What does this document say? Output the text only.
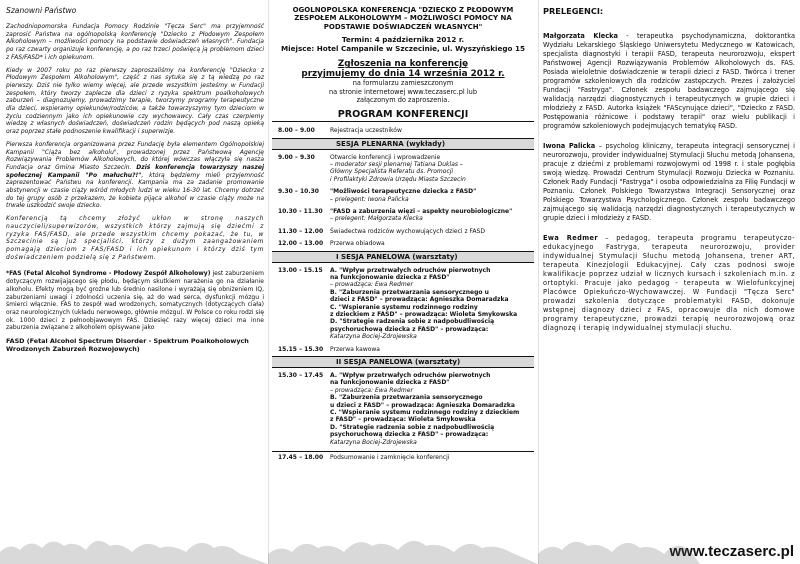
Szanowni Państwo

Zachodniopomorska Fundacja Pomocy Rodzinie "Tęcza Serc" ma przyjemność zaprosić Państwa na ogólnopolską konferencję "Dziecko z Płodowym Zespołem Alkoholowym – możliwości pomocy na podstawie doświadczeń własnych". Fundacja po raz czwarty organizuje konferencję, a po raz trzeci poświęcą ją problemom dzieci z FAS/FASD* i ich opiekunom.

Kiedy w 2007 roku po raz pierwszy zaproszaliśmy na konferencję "Dziecko z Płodowym Zespołem Alkoholowym", część z nas sytuka się z tą wiedzą po raz pierwszy. Dziś nie tylko wiemy więcej, ale przede wszystkim jesteśmy w Fundacji zespołem, który tworzy zaplecze dla dzieci z ryzyka spektrum poalkoholowych zaburzeń – diagnozujemy, prowadzimy terapie, tworzymy programy terapeutyczne dla dzieci, wspieramy opiekunów/rodziców, a także towarzyszymy tym dzieciom w życiu codziennym jako ich opiekunowie czy wychowawcy. Cały czas czerpiemy wiedzę z własnych doświadczeń, doświadczeń rodzin będących pod naszą opieką oraz poprzez stałe podnoszenie kwalifikacji i superwizje.

Pierwsza konferencja organizowana przez Fundację była elementem Ogólnopolskiej Kampanii "Ciąża bez alkoholu", prowadzonej przez Państwową Agencję Rozwiązywania Problemów Alkoholowych, do której wówczas włączyła się nasza Fundacja oraz Gmina Miasto Szczecin. Dziś konferencja towarzyszy naszej społecznej Kampanii "Po małuchu?!", którą będziemy mieli przyjemność zaprezentować Państwu na konferencji. Kampania ma za zadanie promowanie abstynencji w czasie ciąży wśród młodych ludzi w wieku 16-30 lat. Chcemy dotrzeć do tej grupy osób z przekazem, że kobieta pijąca alkohol w czasie ciąży może na trwałe uszkodzić swoje dziecko.

Konferencją tą chcemy złożyć ukłon w stronę naszych nauczycieli/superwizorów, wszystkich którzy zajmują się dziećmi z ryzyka FAS/FASD, ale przede wszystkim chcemy pokazać, że tu, w Szczecinie są już specjaliści, którzy z dużym zaangażowaniem pomagają dzieciom z FAS/FASD i ich opiekunom i którzy dziś tym doświadczeniem podzielą się z Państwem.

*FAS (Fetal Alcohol Syndrome - Płodowy Zespół Alkoholowy) jest zaburzeniem dotyczącym rozwijającego się płodu, będącym skutkiem narażenia go na działanie alkoholu. Efekty mogą być groźne lub średnio nasilone i wyrażają się obniżeniem IQ, zaburzeniami uwagi i zdolności uczenia się, aż do wad serca, dysfunkcji mózgu i śmierci włącznie. FAS to zespół wad wrodzonych, somatycznych (dotyczących ciała) oraz neurologicznych (układu nerwowego, głównie mózgu). W Polsce co roku rodzi się ok. 1000 dzieci z pełnoobjawowym FAS. Dziesięć razy więcej dzieci ma inne zaburzenia związane z alkoholem opisywane jako

FASD (Fetal Alcohol Spectrum Disorder - Spektrum Poalkoholowych Wrodzonych Zaburzeń Rozwojowych)
OGÓLNOPOLSKA KONFERENCJA "DZIECKO Z PŁODOWYM ZESPOŁEM ALKOHOLOWYM – MOŻLIWOŚCI POMOCY NA PODSTAWIE DOŚWIADCZEŃ WŁASNYCH"
Termin: 4 października 2012 r.
Miejsce: Hotel Campanile w Szczecinie, ul. Wyszyńskiego 15
Zgłoszenia na konferencję
przyjmujemy do dnia 14 września 2012 r.
na formularzu zamieszczonym
na stronie internetowej www.teczaserc.pl lub
załączonym do zaproszenia.
PROGRAM KONFERENCJI
8.00 – 9.00	Rejestracja uczestników
SESJA PLENARNA (wykłady)
9.00 – 9.30	Otwarcie konferencji i wprowadzenie
– moderator sesji plenarnej Tatiana Duklas –
Główny Specjalista Referatu ds. Promocji
i Profilaktyki Zdrowia Urzędu Miasta Szczecin
9.30 – 10.30	"Możliwości terapeutyczne dziecka z FASD"
– prelegent: Iwona Palicka
10.30 - 11.30	"FASD a zaburzenia więzi – aspekty neurobiologiczne"
– prelegent: Małgorzata Klecka
11.30 – 12.00	Świadectwa rodziców wychowujących dzieci z FASD
12.00 – 13.00	Przerwa obiadowa
I SESJA PANELOWA (warsztaty)
13.00 - 15.15	A. "Wpływ przetrwałych odruchów pierwotnych
na funkcjonowanie dziecka z FASD"
– prowadząca: Ewa Redmer
B. "Zaburzenia przetwarzania sensorycznego u
dzieci z FASD" – prowadząca: Agnieszka Domaradzka
C. "Wspieranie systemu rodzinnego rodziny
z dzieckiem z FASD" – prowadząca: Wioleta Smykowska
D. "Strategie radzenia sobie z nadpobudliwością
psychoruchową dziecka z FASD" – prowadząca:
Katarzyna Bociej-Zdrojewska
15.15 – 15.30	Przerwa kawowa
II SESJA PANELOWA (warsztaty)
15.30 – 17.45	A. "Wpływ przetrwałych odruchów pierwotnych
na funkcjonowanie dziecka z FASD"
– prowadząca: Ewa Redmer
B. "Zaburzenia przetwarzania sensorycznego
u dzieci z FASD" – prowadząca: Agnieszka Domaradzka
C. "Wspieranie systemu rodzinnego rodziny z dzieckiem
z FASD" – prowadząca: Wioleta Smykowska
D. "Strategie radzenia sobie z nadpobudliwością
psychoruchową dziecka z FASD" – prowadząca:
Katarzyna Bociej-Zdrojewska
17.45 – 18.00	Podsumowanie i zamknięcie konferencji
PRELEGENCI:

Małgorzata Klecka - terapeutka psychodynamiczna, doktorantka Wydziału Lekarskiego Śląskiego Uniwersytetu Medycznego w Katowicach, specjalista diagnostyki i terapii FASD, terapeuta neurorozwoju, ekspert Państwowej Agencji Rozwiązywania Problemów Alkoholowych ds. FAS. Posiada wieloletnie doświadczenie w terapii dzieci z FASD. Twórca i trener programów szkoleniowych dla rodziców zastępczych. Prezes i założyciel Fundacji "Fastryga". Członek zespołu badawczego zajmującego się walidacją narzędzi diagnostycznych i terapeutycznych w grupie dzieci i młodzieży z FASD. Autorka książek "FAScynujące dzieci", "Dziecko z FASD. Postępowania różnicowe i podstawy terapii" oraz wielu publikacji i programów szkoleniowych podejmujących tematykę FASD.

Iwona Palicka – psycholog kliniczny, terapeuta integracji sensorycznej i neurorozwoju, provider indywidualnej Stymulacji Słuchu metodą Johansena, pracuje z dziećmi z problemami rozwojowymi od 1998 r. i stale pogłębia swoją wiedzę. Prowadzi Centrum Stymulacji Rozwoju Dziecka w Poznaniu. Członek Rady Fundacji "Fastryga" i osoba odpowiedzialna za Filię Fundacji w Poznaniu. Członek Polskiego Towarzystwa Integracji Sensorycznej oraz Polskiego Towarzystwa Psychologicznego. Członek zespołu badawczego zajmującego się walidacją narzędzi diagnostycznych i terapeutycznych w grupie dzieci i młodzieży z FASD.

Ewa Redmer – pedagog, terapeuta programu terapeutyczo-edukacyjnego Fastryga, terapeuta neurorozwoju, provider indywidualnej Stymulacji Słuchu metodą Johansena, trener ART, terapeuta Kinezjologii Edukacyjnej. Cały czas podnosi swoje kwalifikacje poprzez udział w licznych kursach i szkoleniach m.in. z ortoptyki. Pracuje jako pedagog - terapeuta w Wielofunkcyjnej Placówce Opiekuńczo-Wychowawczej. W Fundacji "Tęcza Serc" prowadzi szkolenia dotyczące problematyki FASD, dokonuje wstępnej diagnozy dzieci z FAS, opracowuje dla nich domowe programy terapeutyczne, prowadzi terapię neurorozwojową oraz diagnozę i terapię indywidualnej stymulacji słuchu.

www.teczaserc.pl
